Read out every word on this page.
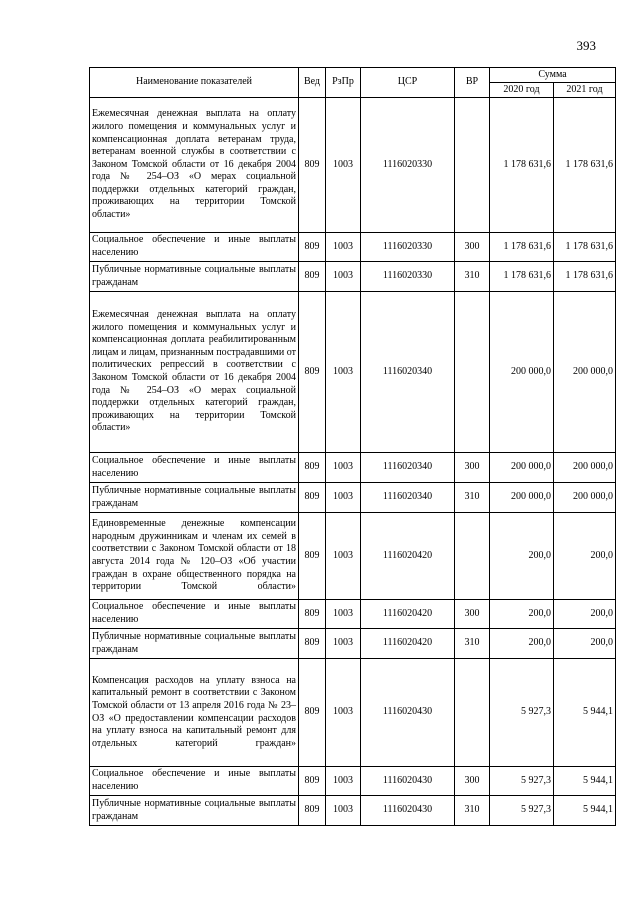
393
Наименование показателей	Вед	РзПр	ЦСР	ВР	Сумма	
					2020 год	2021 год

Ежемесячная денежная выплата на оплату жилого помещения и коммунальных услуг и компенсационная доплата ветеранам труда, ветеранам военной службы в соответствии с Законом Томской области от 16 декабря 2004 года № 254–ОЗ «О мерах социальной поддержки отдельных категорий граждан, проживающих на территории Томской области»	809	1003	1116020330		1 178 631,6	1 178 631,6

Социальное обеспечение и иные выплаты населению	809	1003	1116020330	300	1 178 631,6	1 178 631,6

Публичные нормативные социальные выплаты гражданам	809	1003	1116020330	310	1 178 631,6	1 178 631,6

Ежемесячная денежная выплата на оплату жилого помещения и коммунальных услуг и компенсационная доплата реабилитированным лицам и лицам, признанным пострадавшими от политических репрессий в соответствии с Законом Томской области от 16 декабря 2004 года № 254–ОЗ «О мерах социальной поддержки отдельных категорий граждан, проживающих на территории Томской области»	809	1003	1116020340		200 000,0	200 000,0

Социальное обеспечение и иные выплаты населению	809	1003	1116020340	300	200 000,0	200 000,0

Публичные нормативные социальные выплаты гражданам	809	1003	1116020340	310	200 000,0	200 000,0

Единовременные денежные компенсации народным дружинникам и членам их семей в соответствии с Законом Томской области от 18 августа 2014 года № 120–ОЗ «Об участии граждан в охране общественного порядка на территории Томской области»	809	1003	1116020420		200,0	200,0

Социальное обеспечение и иные выплаты населению	809	1003	1116020420	300	200,0	200,0

Публичные нормативные социальные выплаты гражданам	809	1003	1116020420	310	200,0	200,0

Компенсация расходов на уплату взноса на капитальный ремонт в соответствии с Законом Томской области от 13 апреля 2016 года № 23–ОЗ «О предоставлении компенсации расходов на уплату взноса на капитальный ремонт для отдельных категорий граждан»	809	1003	1116020430		5 927,3	5 944,1

Социальное обеспечение и иные выплаты населению	809	1003	1116020430	300	5 927,3	5 944,1

Публичные нормативные социальные выплаты гражданам	809	1003	1116020430	310	5 927,3	5 944,1
